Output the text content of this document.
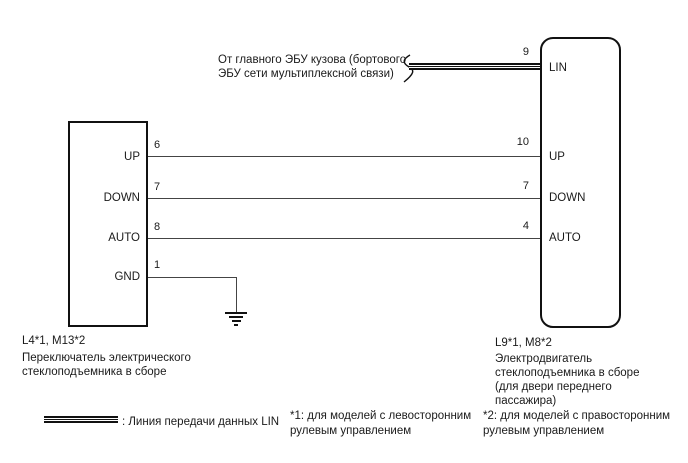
От главного ЭБУ кузова (бортового
ЭБУ сети мультиплексной связи)
UP
DOWN
AUTO
GND
6
7
8
1
9
10
7
4
LIN
UP
DOWN
AUTO
L4*1, M13*2
Переключатель электрического
стеклоподъемника в сборе
L9*1, M8*2
Электродвигатель
стеклоподъемника в сборе
(для двери переднего
пассажира)
: Линия передачи данных LIN *1: для моделей с левосторонним
рулевым управлением
*2: для моделей с правосторонним
рулевым управлением
